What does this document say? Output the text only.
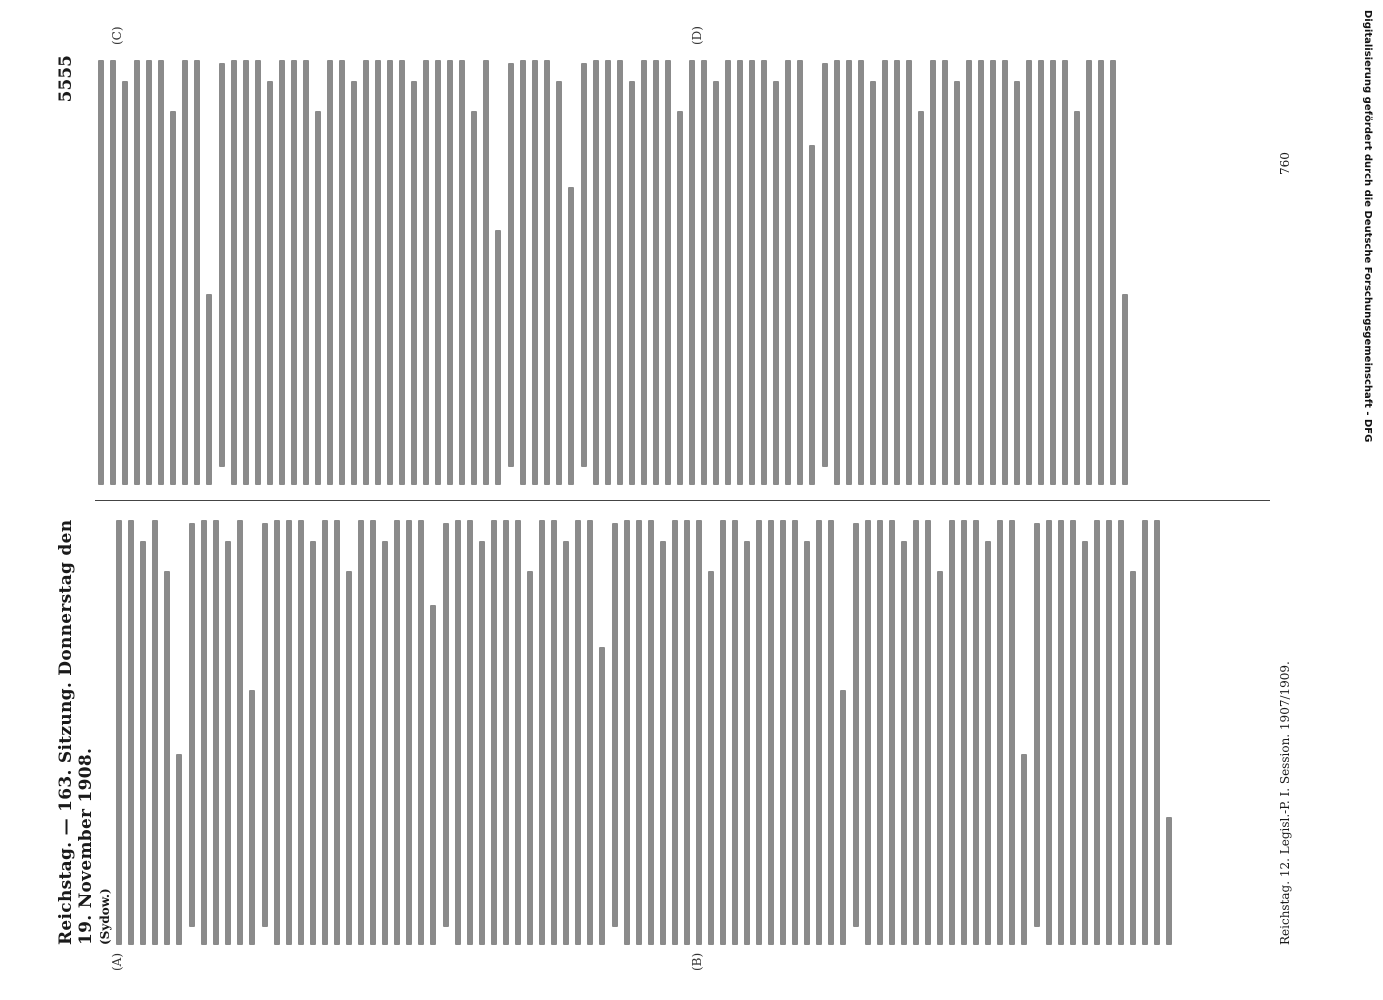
Reichstag. — 163. Sitzung. Donnerstag den 19. November 1908.
5555
(A)	(B)
(C)	(D)
(Sydow.)	Reichstag. 12. Legisl.-P. I. Session. 1907/1909.
760	Digitalisierung gefördert durch die Deutsche Forschungsgemeinschaft - DFG
